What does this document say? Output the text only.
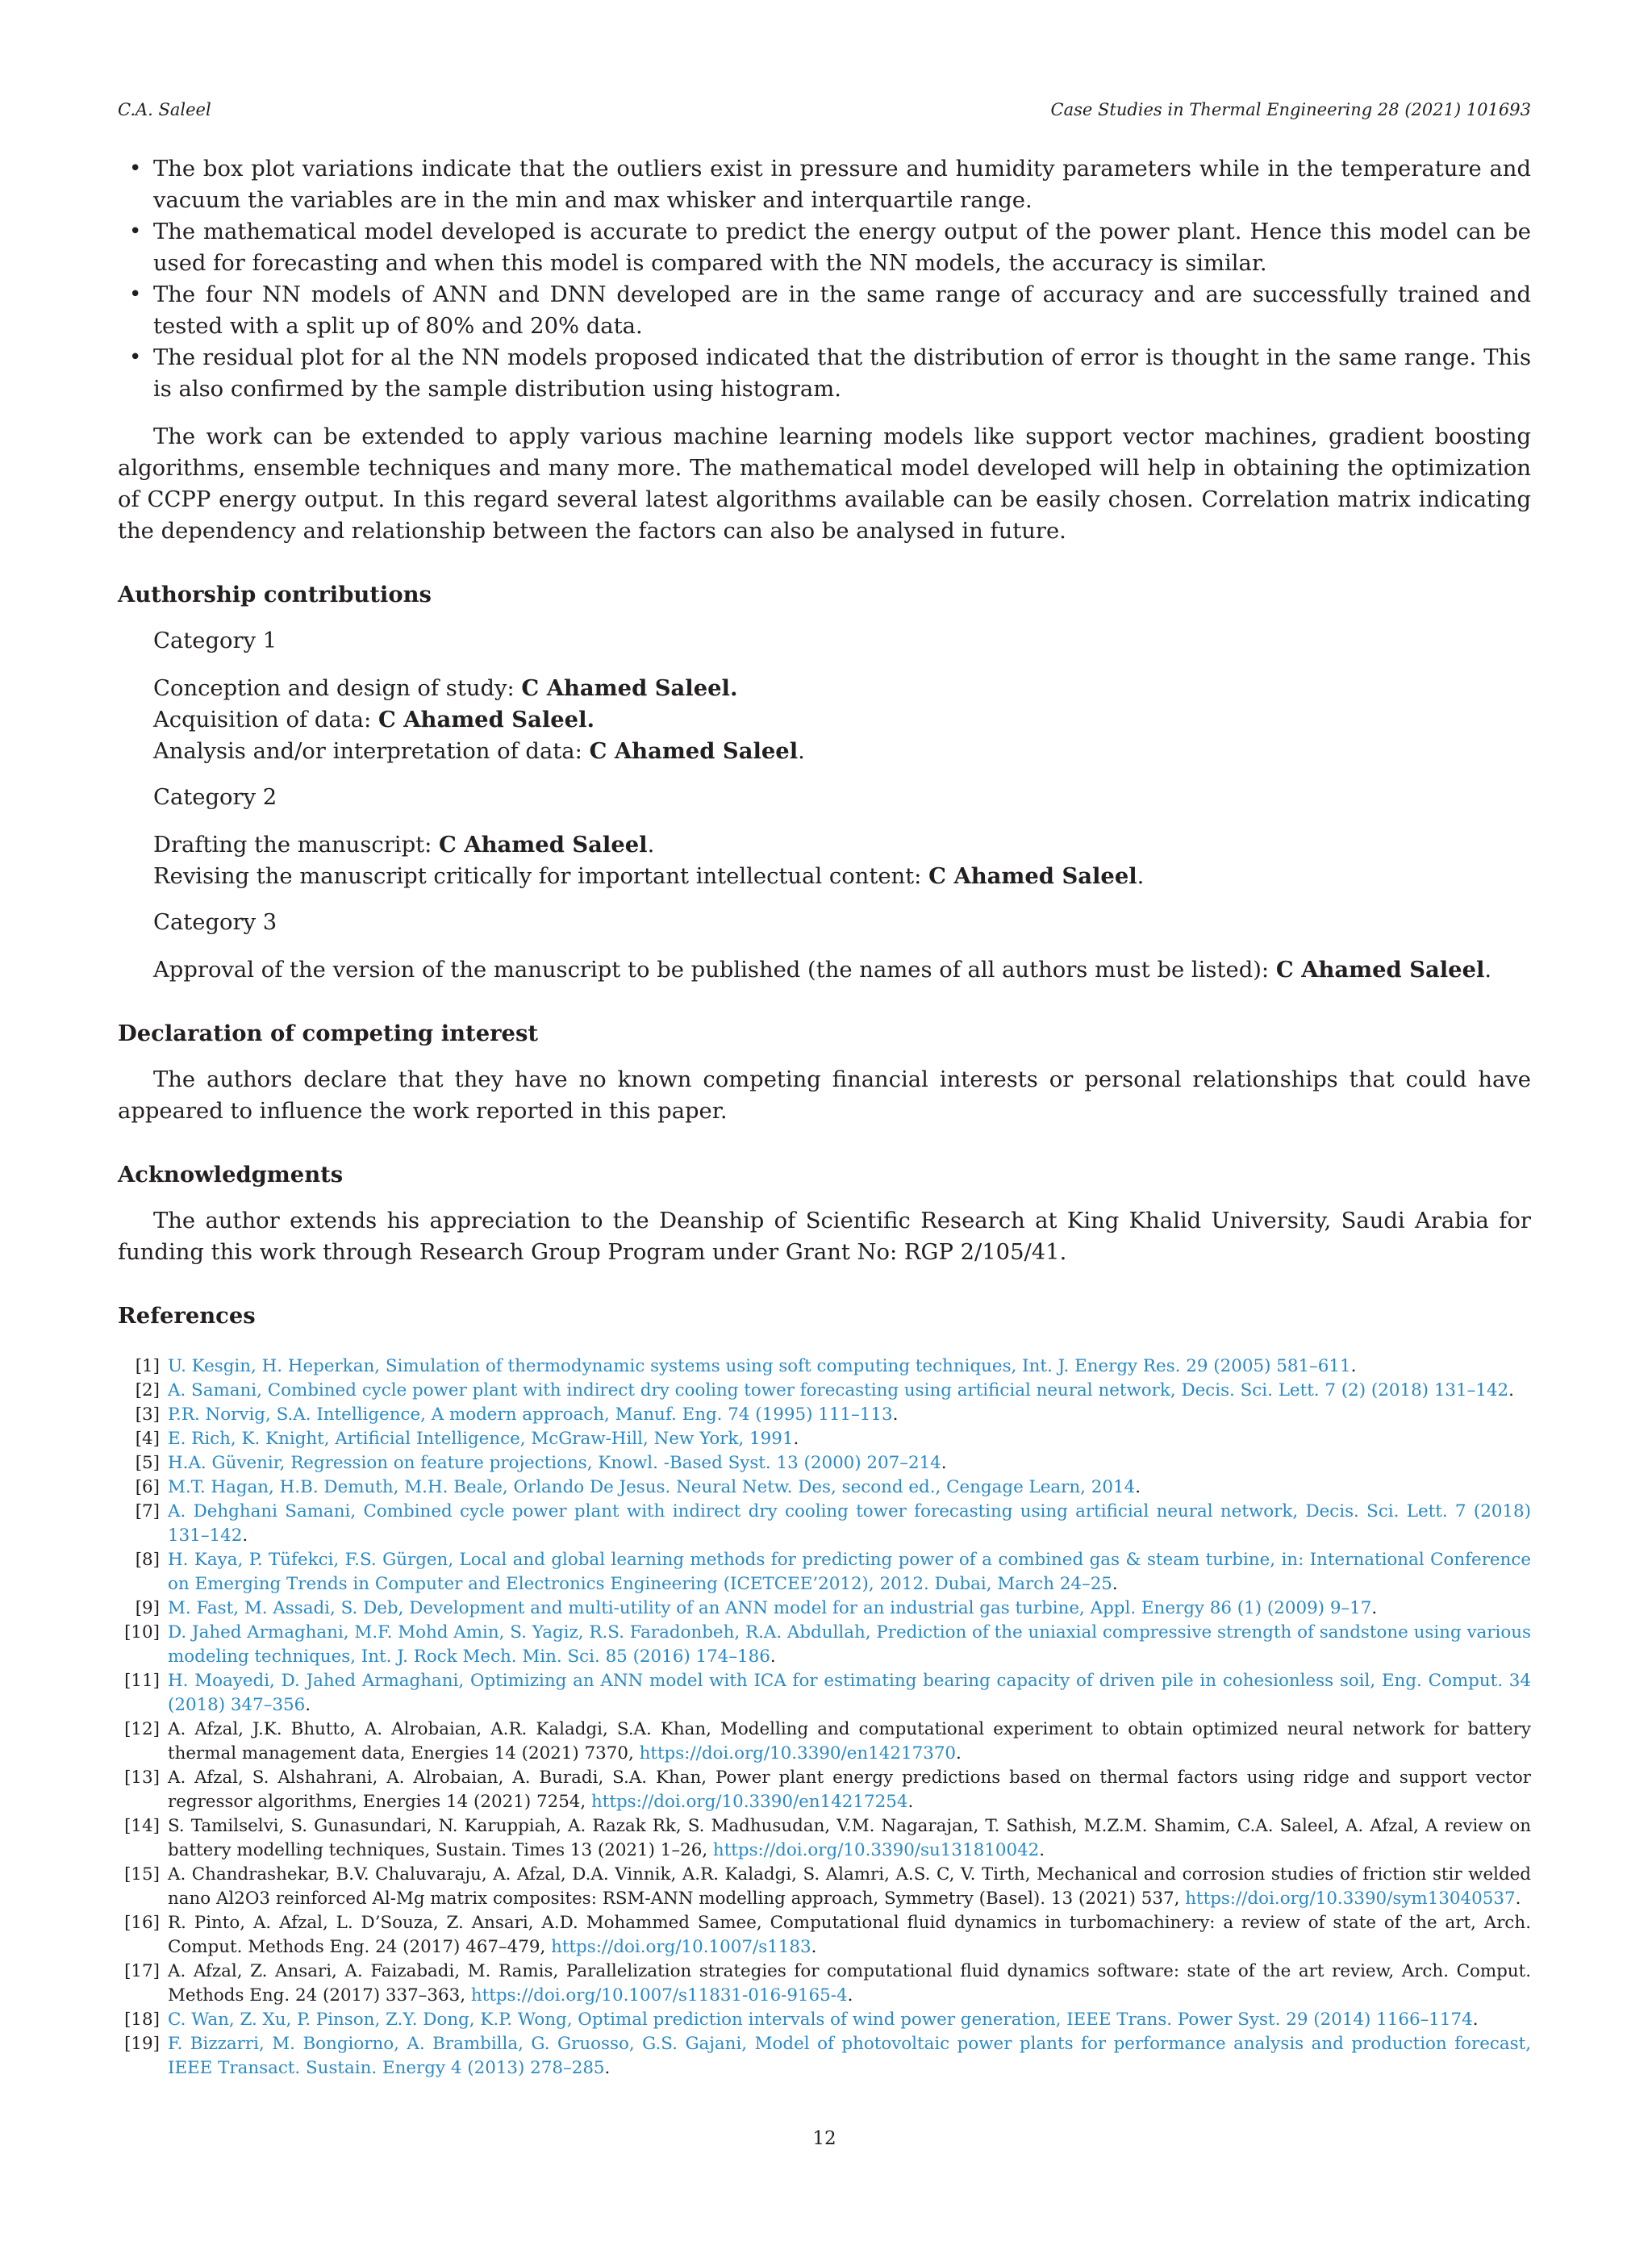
C.A. Saleel	Case Studies in Thermal Engineering 28 (2021) 101693
• The box plot variations indicate that the outliers exist in pressure and humidity parameters while in the temperature and vacuum the variables are in the min and max whisker and interquartile range.
• The mathematical model developed is accurate to predict the energy output of the power plant. Hence this model can be used for forecasting and when this model is compared with the NN models, the accuracy is similar.
• The four NN models of ANN and DNN developed are in the same range of accuracy and are successfully trained and tested with a split up of 80% and 20% data.
• The residual plot for al the NN models proposed indicated that the distribution of error is thought in the same range. This is also confirmed by the sample distribution using histogram.

The work can be extended to apply various machine learning models like support vector machines, gradient boosting algorithms, ensemble techniques and many more. The mathematical model developed will help in obtaining the optimization of CCPP energy output. In this regard several latest algorithms available can be easily chosen. Correlation matrix indicating the dependency and relationship between the factors can also be analysed in future.

Authorship contributions
Category 1
Conception and design of study: C Ahamed Saleel.
Acquisition of data: C Ahamed Saleel.
Analysis and/or interpretation of data: C Ahamed Saleel.
Category 2
Drafting the manuscript: C Ahamed Saleel.
Revising the manuscript critically for important intellectual content: C Ahamed Saleel.
Category 3
Approval of the version of the manuscript to be published (the names of all authors must be listed): C Ahamed Saleel.
Declaration of competing interest

The authors declare that they have no known competing financial interests or personal relationships that could have appeared to influence the work reported in this paper.

Acknowledgments

The author extends his appreciation to the Deanship of Scientific Research at King Khalid University, Saudi Arabia for funding this work through Research Group Program under Grant No: RGP 2/105/41.

References
[1] U. Kesgin, H. Heperkan, Simulation of thermodynamic systems using soft computing techniques, Int. J. Energy Res. 29 (2005) 581–611.
[2] A. Samani, Combined cycle power plant with indirect dry cooling tower forecasting using artificial neural network, Decis. Sci. Lett. 7 (2) (2018) 131–142.
[3] P.R. Norvig, S.A. Intelligence, A modern approach, Manuf. Eng. 74 (1995) 111–113.
[4] E. Rich, K. Knight, Artificial Intelligence, McGraw-Hill, New York, 1991.
[5] H.A. Güvenir, Regression on feature projections, Knowl. -Based Syst. 13 (2000) 207–214.
[6] M.T. Hagan, H.B. Demuth, M.H. Beale, Orlando De Jesus. Neural Netw. Des, second ed., Cengage Learn, 2014.
[7] A. Dehghani Samani, Combined cycle power plant with indirect dry cooling tower forecasting using artificial neural network, Decis. Sci. Lett. 7 (2018) 131–142.
[8] H. Kaya, P. Tüfekci, F.S. Gürgen, Local and global learning methods for predicting power of a combined gas & steam turbine, in: International Conference on Emerging Trends in Computer and Electronics Engineering (ICETCEE’2012), 2012. Dubai, March 24–25.
[9] M. Fast, M. Assadi, S. Deb, Development and multi-utility of an ANN model for an industrial gas turbine, Appl. Energy 86 (1) (2009) 9–17.
[10] D. Jahed Armaghani, M.F. Mohd Amin, S. Yagiz, R.S. Faradonbeh, R.A. Abdullah, Prediction of the uniaxial compressive strength of sandstone using various modeling techniques, Int. J. Rock Mech. Min. Sci. 85 (2016) 174–186.
[11] H. Moayedi, D. Jahed Armaghani, Optimizing an ANN model with ICA for estimating bearing capacity of driven pile in cohesionless soil, Eng. Comput. 34 (2018) 347–356.
[12] A. Afzal, J.K. Bhutto, A. Alrobaian, A.R. Kaladgi, S.A. Khan, Modelling and computational experiment to obtain optimized neural network for battery thermal management data, Energies 14 (2021) 7370, https://doi.org/10.3390/en14217370.
[13] A. Afzal, S. Alshahrani, A. Alrobaian, A. Buradi, S.A. Khan, Power plant energy predictions based on thermal factors using ridge and support vector regressor algorithms, Energies 14 (2021) 7254, https://doi.org/10.3390/en14217254.
[14] S. Tamilselvi, S. Gunasundari, N. Karuppiah, A. Razak Rk, S. Madhusudan, V.M. Nagarajan, T. Sathish, M.Z.M. Shamim, C.A. Saleel, A. Afzal, A review on battery modelling techniques, Sustain. Times 13 (2021) 1–26, https://doi.org/10.3390/su131810042.
[15] A. Chandrashekar, B.V. Chaluvaraju, A. Afzal, D.A. Vinnik, A.R. Kaladgi, S. Alamri, A.S. C, V. Tirth, Mechanical and corrosion studies of friction stir welded nano Al2O3 reinforced Al-Mg matrix composites: RSM-ANN modelling approach, Symmetry (Basel). 13 (2021) 537, https://doi.org/10.3390/sym13040537.
[16] R. Pinto, A. Afzal, L. D’Souza, Z. Ansari, A.D. Mohammed Samee, Computational fluid dynamics in turbomachinery: a review of state of the art, Arch. Comput. Methods Eng. 24 (2017) 467–479, https://doi.org/10.1007/s1183.
[17] A. Afzal, Z. Ansari, A. Faizabadi, M. Ramis, Parallelization strategies for computational fluid dynamics software: state of the art review, Arch. Comput. Methods Eng. 24 (2017) 337–363, https://doi.org/10.1007/s11831-016-9165-4.
[18] C. Wan, Z. Xu, P. Pinson, Z.Y. Dong, K.P. Wong, Optimal prediction intervals of wind power generation, IEEE Trans. Power Syst. 29 (2014) 1166–1174.
[19] F. Bizzarri, M. Bongiorno, A. Brambilla, G. Gruosso, G.S. Gajani, Model of photovoltaic power plants for performance analysis and production forecast, IEEE Transact. Sustain. Energy 4 (2013) 278–285.
12
